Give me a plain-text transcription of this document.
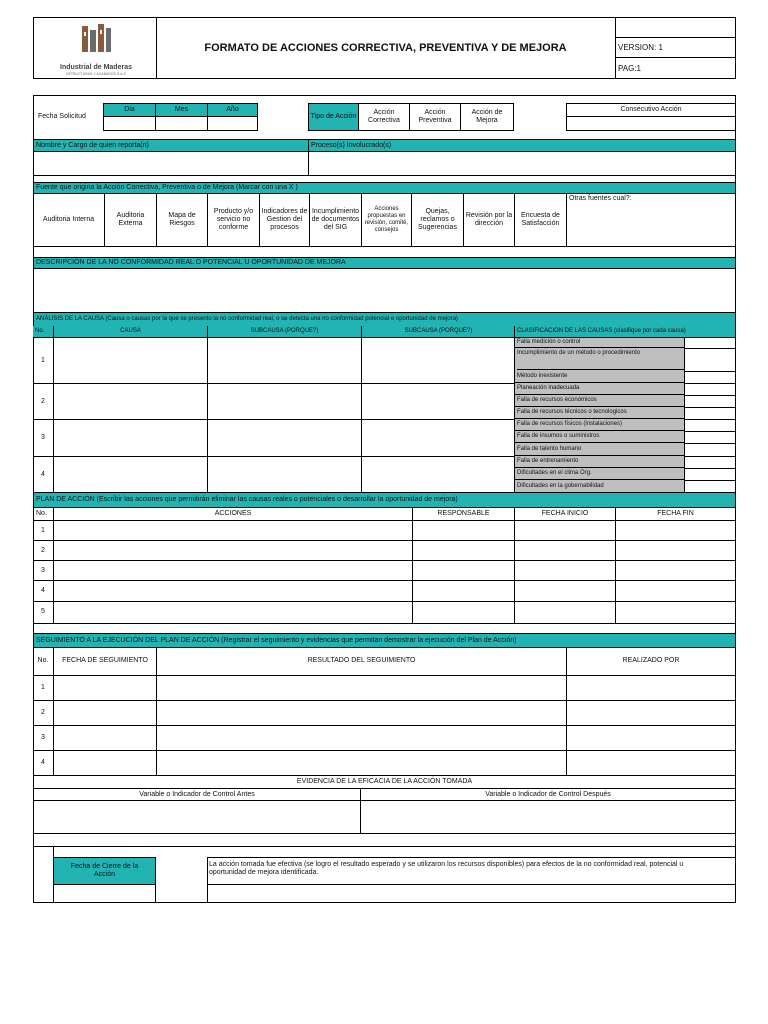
Industrial de Maderas
ESTRUCTURAS Y ACABADOS S.A.S
FORMATO DE ACCIONES CORRECTIVA, PREVENTIVA Y DE MEJORA	VERSION: 1
PAG:1
Fecha Solicitud
Dia	Mes	Año
Tipo de Acción
Acción Correctiva
Acción Preventiva
Acción de Mejora
Consecutivo Acción
Nombre y Cargo de quien reporta(n)	Proceso(s) Involucrado(s)
Fuente que origina la Acción Correctiva, Preventiva o de Mejora (Marcar con una X )
Auditoria Interna
Auditoria Externa
Mapa de Riesgos
Producto y/o servicio no conforme
Indicadores de Gestion del procesos
Incumplimiento de documentos del SIG
Acciones propuestas en revisión, comité, consejos
Quejas, reclamos o Sugerencias
Revisión por la dirección
Encuesta de Satisfacción
Otras fuentes cual?:
DESCRIPCION DE LA NO CONFORMIDAD REAL O POTENCIAL U OPORTUNIDAD DE MEJORA
ANÁLISIS DE LA CAUSA (Causa o causas por la que se presento la no conformidad real, o se detecta una no conformidad potencial e oportunidad de mejora)
No.	CAUSA	SUBCAUSA (PORQUE?)	SUBCAUSA (PORQUE?)	CLASIFICACION DE LAS CAUSAS (clasifique por cada causa)
1
2
3
4
Falla medición o control
Incumplimiento de un método o procedimiento
Método inexistente
Planeación inadecuada
Falla de recursos económicos
Falla de recursos técnicos o tecnologicos
Falla de recursos físicos (instalaciones)
Falla de insumos o suministros
Falla de talento humano
Falla de entrenamiento
Dificultades en el clima Org.
Dificultades en la gobernabilidad
PLAN DE ACCIÓN (Escribir las acciones que permitirán eliminar las causas reales o potenciales o desarrollar la oportunidad de mejora)
No.	ACCIONES	RESPONSABLE	FECHA INICIO	FECHA FIN
1
2
3
4
5
SEGUIMIENTO A LA EJECUCIÓN DEL PLAN DE ACCIÓN (Registrar el seguimiento y evidencias que permitan demostrar la ejecución del Plan de Acción)
No.	FECHA DE SEGUIMIENTO	RESULTADO DEL SEGUIMIENTO	REALIZADO POR
1
2
3
4
EVIDENCIA DE LA EFICACIA DE LA ACCIÓN TOMADA
Variable o Indicador de Control Antes	Variable o Indicador de Control Después
Fecha de Cierre de la Acción
La acción tomada fue efectiva (se logro el resultado esperado y se utilizaron los recursos disponibles) para efectos de la no conformidad real, potencial u oportunidad de mejora identificada.
